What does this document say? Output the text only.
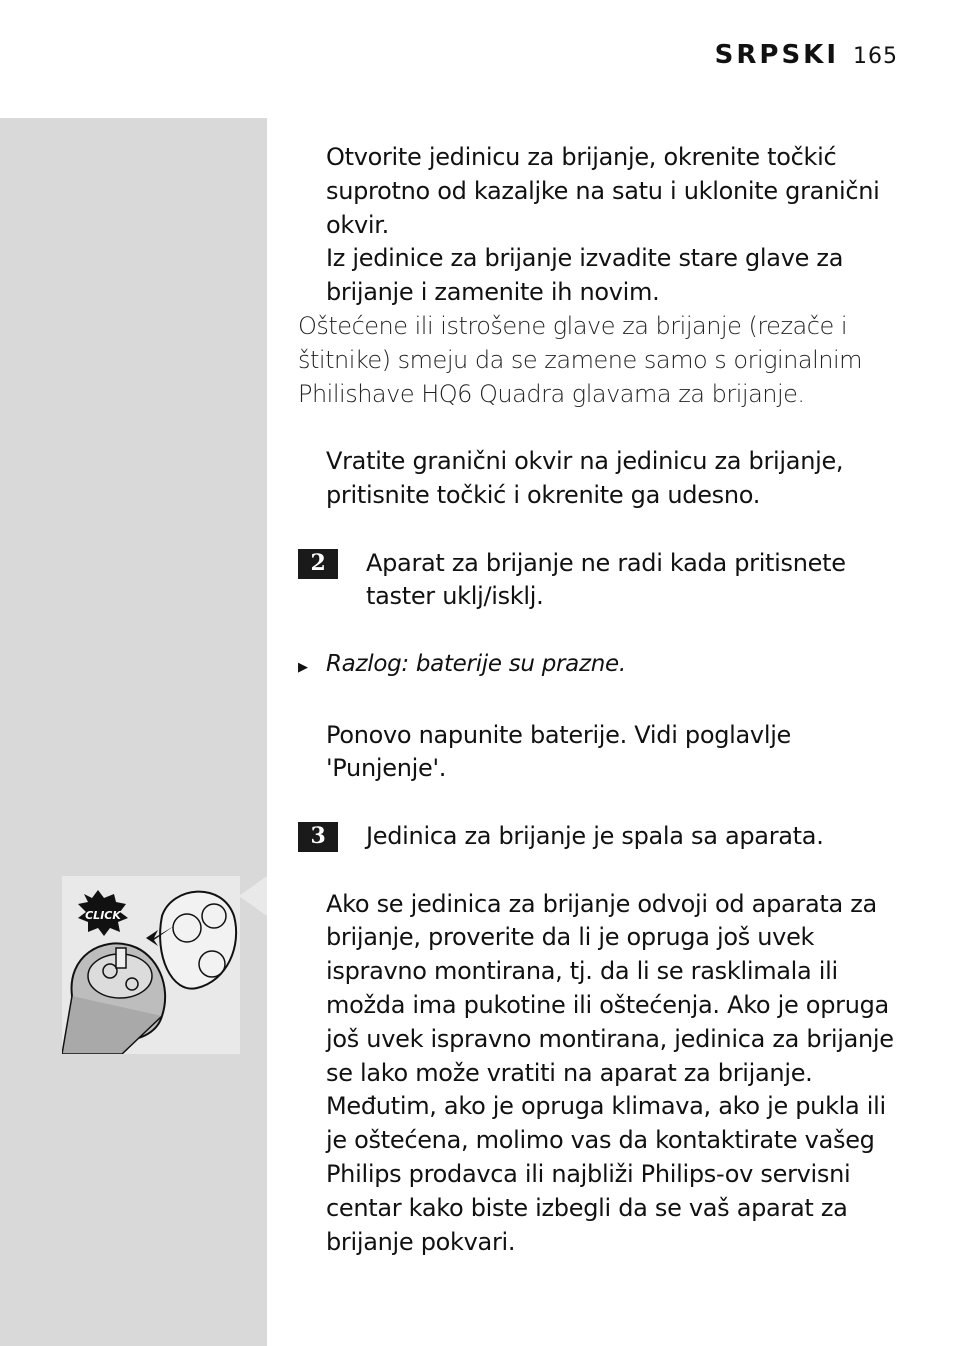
SRPSKI 165

Otvorite jedinicu za brijanje, okrenite točkić suprotno od kazaljke na satu i uklonite granični okvir.

Iz jedinice za brijanje izvadite stare glave za brijanje i zamenite ih novim.

Oštećene ili istrošene glave za brijanje (rezače i štitnike) smeju da se zamene samo s originalnim Philishave HQ6 Quadra glavama za brijanje.

Vratite granični okvir na jedinicu za brijanje, pritisnite točkić i okrenite ga udesno.

2	Aparat za brijanje ne radi kada pritisnete taster uklj/isklj.
▶ Razlog: baterije su prazne.

Ponovo napunite baterije. Vidi poglavlje 'Punjenje'.

3	Jedinica za brijanje je spala sa aparata.

Ako se jedinica za brijanje odvoji od aparata za brijanje, proverite da li je opruga još uvek ispravno montirana, tj. da li se rasklimala ili možda ima pukotine ili oštećenja. Ako je opruga još uvek ispravno montirana, jedinica za brijanje se lako može vratiti na aparat za brijanje. Međutim, ako je opruga klimava, ako je pukla ili je oštećena, molimo vas da kontaktirate vašeg Philips prodavca ili najbliži Philips-ov servisni centar kako biste izbegli da se vaš aparat za brijanje pokvari.

CLICK
